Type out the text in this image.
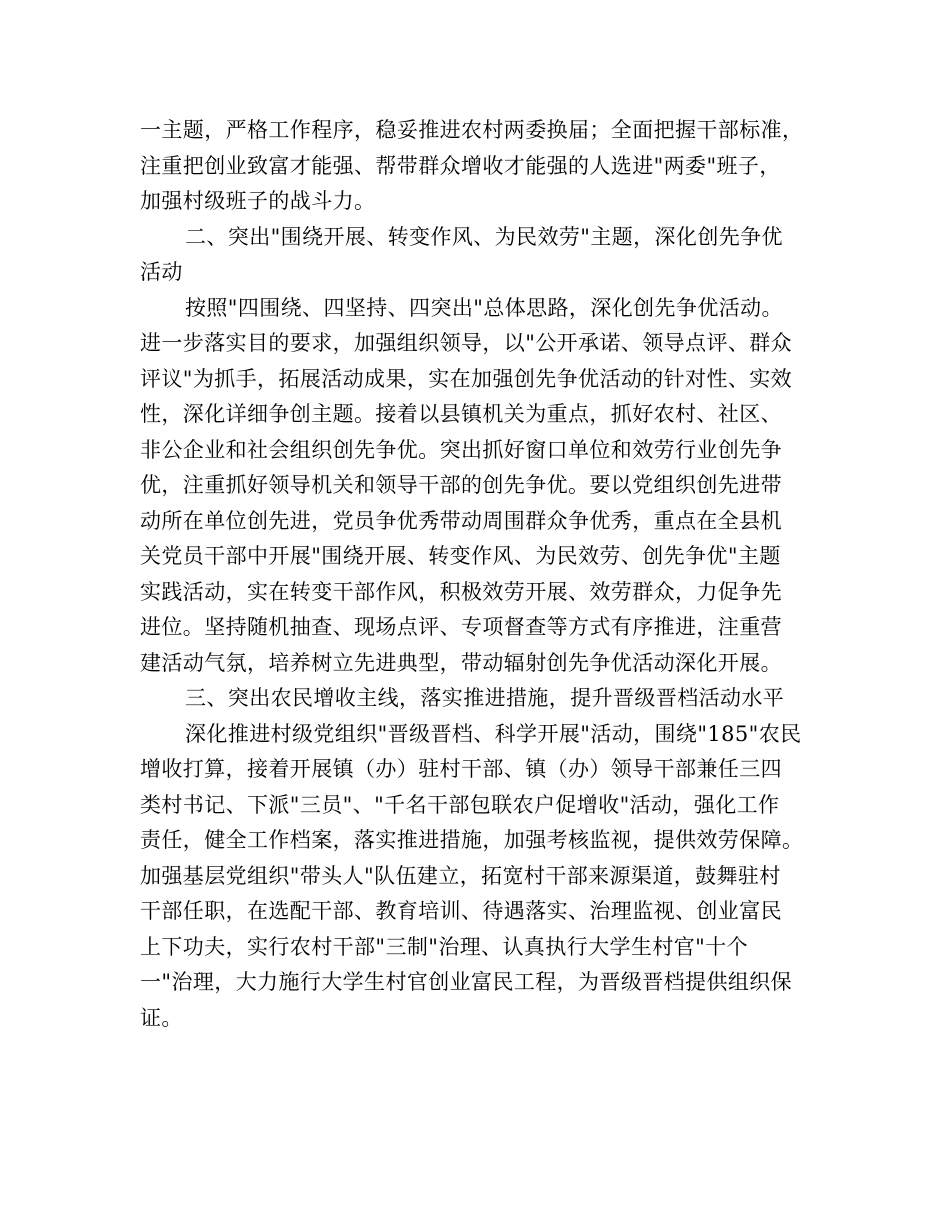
一主题，严格工作程序，稳妥推进农村两委换届；全面把握干部标准，
注重把创业致富才能强、帮带群众增收才能强的人选进"两委"班子，
加强村级班子的战斗力。
二、突出"围绕开展、转变作风、为民效劳"主题，深化创先争优
活动
按照"四围绕、四坚持、四突出"总体思路，深化创先争优活动。
进一步落实目的要求，加强组织领导，以"公开承诺、领导点评、群众
评议"为抓手，拓展活动成果，实在加强创先争优活动的针对性、实效
性，深化详细争创主题。接着以县镇机关为重点，抓好农村、社区、
非公企业和社会组织创先争优。突出抓好窗口单位和效劳行业创先争
优，注重抓好领导机关和领导干部的创先争优。要以党组织创先进带
动所在单位创先进，党员争优秀带动周围群众争优秀，重点在全县机
关党员干部中开展"围绕开展、转变作风、为民效劳、创先争优"主题
实践活动，实在转变干部作风，积极效劳开展、效劳群众，力促争先
进位。坚持随机抽查、现场点评、专项督查等方式有序推进，注重营
建活动气氛，培养树立先进典型，带动辐射创先争优活动深化开展。
三、突出农民增收主线，落实推进措施，提升晋级晋档活动水平
深化推进村级党组织"晋级晋档、科学开展"活动，围绕"185"农民
增收打算，接着开展镇（办）驻村干部、镇（办）领导干部兼任三四
类村书记、下派"三员"、"千名干部包联农户促增收"活动，强化工作
责任，健全工作档案，落实推进措施，加强考核监视，提供效劳保障。
加强基层党组织"带头人"队伍建立，拓宽村干部来源渠道，鼓舞驻村
干部任职，在选配干部、教育培训、待遇落实、治理监视、创业富民
上下功夫，实行农村干部"三制"治理、认真执行大学生村官"十个
一"治理，大力施行大学生村官创业富民工程，为晋级晋档提供组织保
证。
